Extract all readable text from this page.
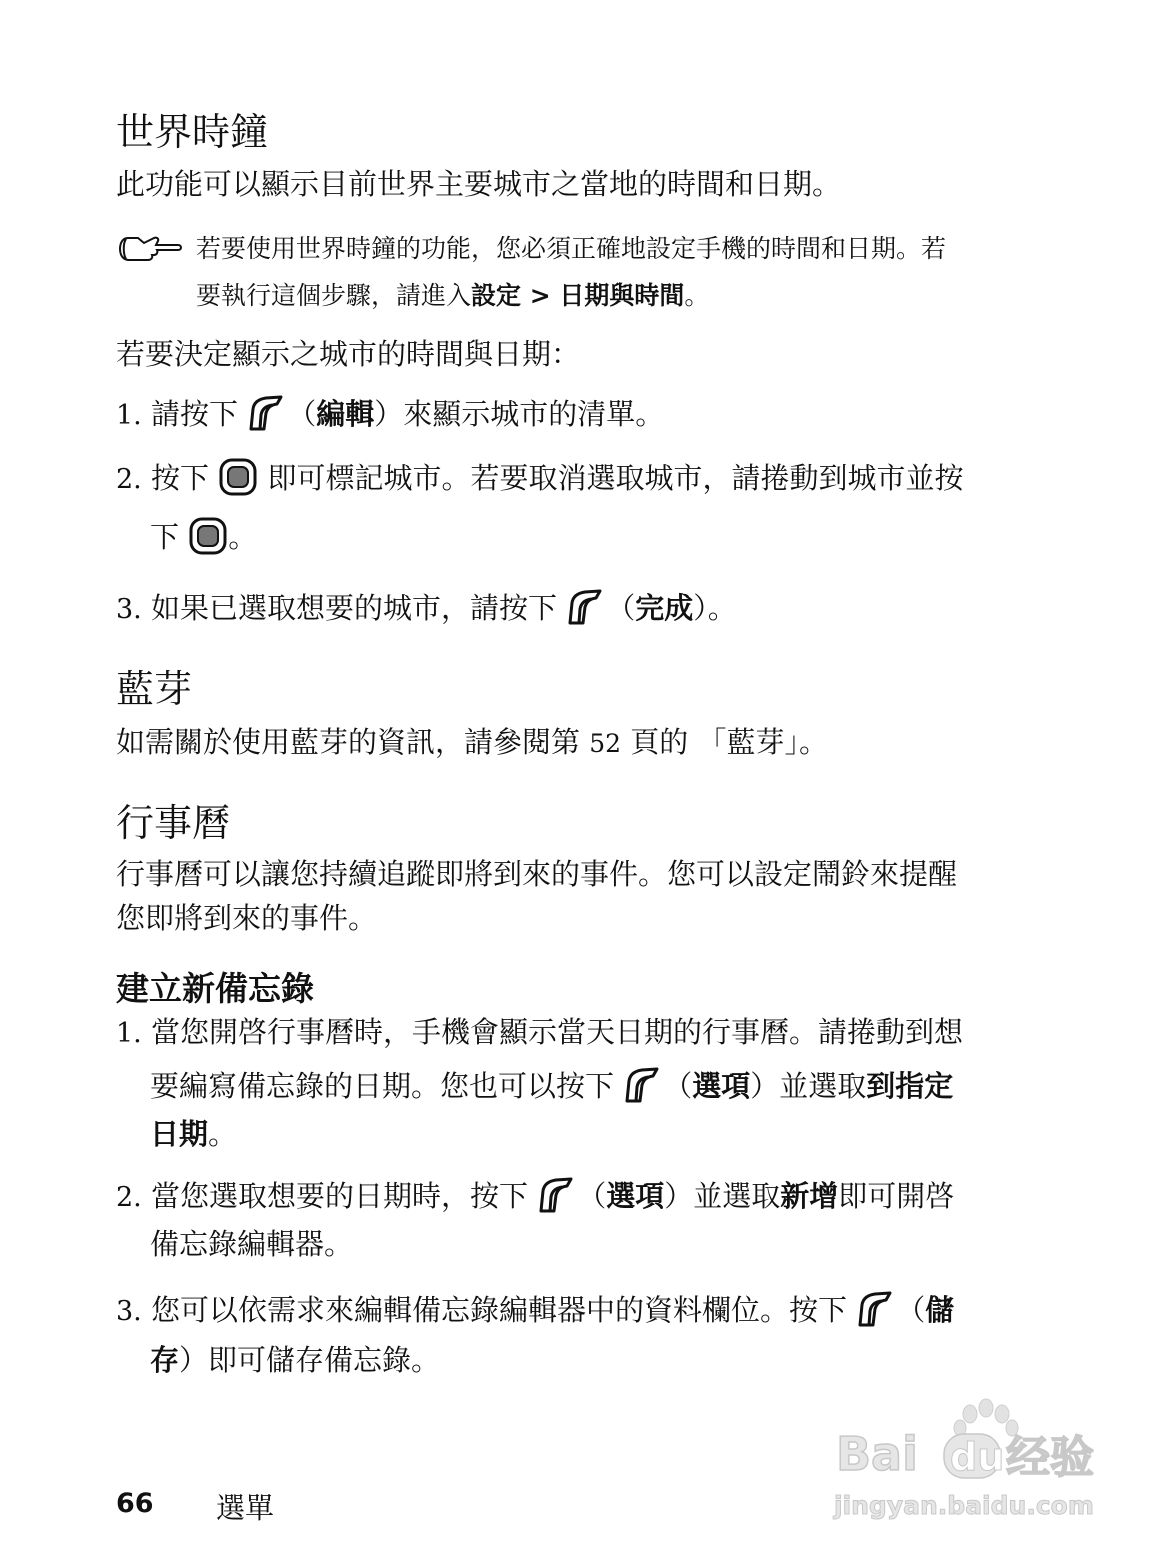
世界時鐘
此功能可以顯示目前世界主要城市之當地的時間和日期。
若要使用世界時鐘的功能，您必須正確地設定手機的時間和日期。若
要執行這個步驟，請進入設定 > 日期與時間。
若要決定顯示之城市的時間與日期：
1. 請按下 （編輯）來顯示城市的清單。
2. 按下 即可標記城市。若要取消選取城市，請捲動到城市並按
下 。
3. 如果已選取想要的城市，請按下 （完成）。
藍芽
如需關於使用藍芽的資訊，請參閱第 52 頁的 「藍芽」。
行事曆
行事曆可以讓您持續追蹤即將到來的事件。您可以設定鬧鈴來提醒
您即將到來的事件。
建立新備忘錄
1. 當您開啓行事曆時，手機會顯示當天日期的行事曆。請捲動到想
要編寫備忘錄的日期。您也可以按下 （選項）並選取到指定
日期。
2. 當您選取想要的日期時，按下 （選項）並選取新增即可開啓
備忘錄編輯器。
3. 您可以依需求來編輯備忘錄編輯器中的資料欄位。按下 （儲
存）即可儲存備忘錄。
66 選單
Bai du 经验
jingyan.baidu.com
